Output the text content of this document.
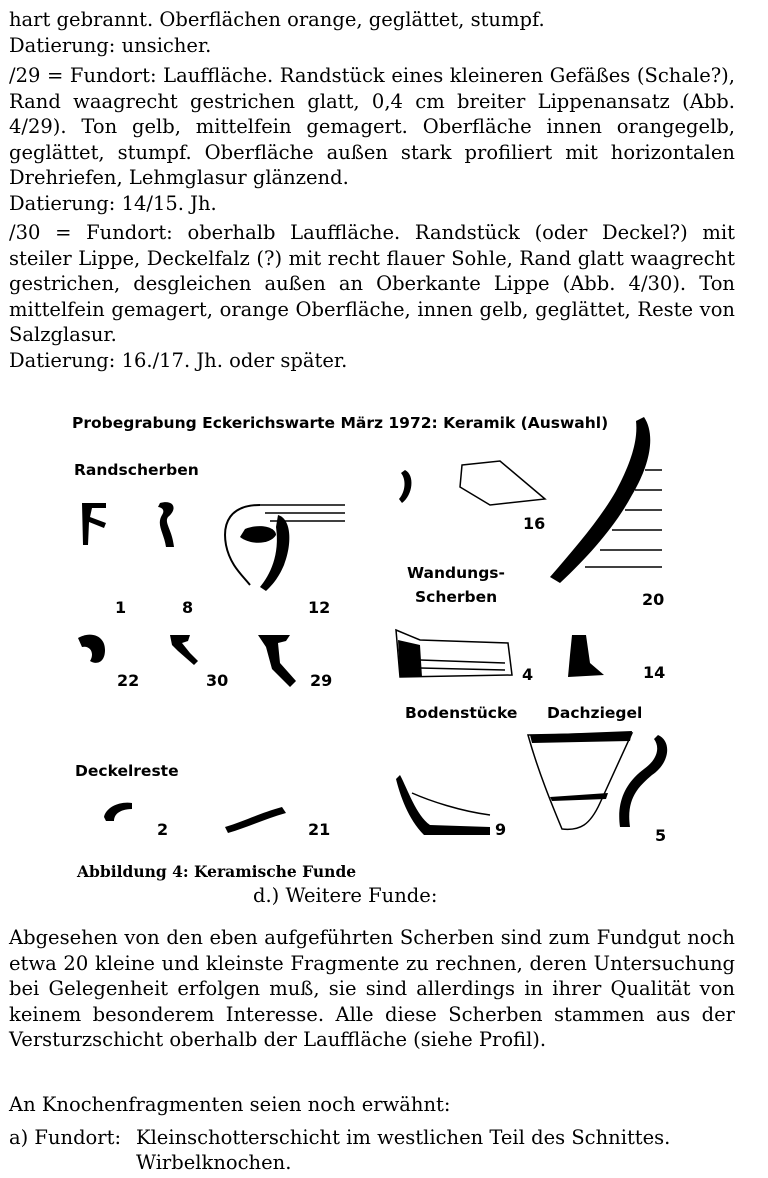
hart gebrannt. Oberflächen orange, geglättet, stumpf.
Datierung: unsicher.

/29 = Fundort: Lauffläche. Randstück eines kleineren Gefäßes (Schale?), Rand waagrecht gestrichen glatt, 0,4 cm breiter Lippenansatz (Abb. 4/29). Ton gelb, mittelfein gemagert. Oberfläche innen orangegelb, geglättet, stumpf. Oberfläche außen stark profiliert mit horizontalen Drehriefen, Lehmglasur glänzend.

Datierung: 14/15. Jh.

/30 = Fundort: oberhalb Lauffläche. Randstück (oder Deckel?) mit steiler Lippe, Deckelfalz (?) mit recht flauer Sohle, Rand glatt waagrecht gestrichen, desgleichen außen an Oberkante Lippe (Abb. 4/30). Ton mittelfein gemagert, orange Oberfläche, innen gelb, geglättet, Reste von Salzglasur.

Datierung: 16./17. Jh. oder später.
Probegrabung Eckerichswarte März 1972: Keramik (Auswahl)
Randscherben
Wandungs-
Scherben
Bodenstücke Dachziegel
Deckelreste
1	8	12
16
20
22	30	29	4	14
2	21	9	5
Abbildung 4: Keramische Funde
d.) Weitere Funde:

Abgesehen von den eben aufgeführten Scherben sind zum Fundgut noch etwa 20 kleine und kleinste Fragmente zu rechnen, deren Untersuchung bei Gelegenheit erfolgen muß, sie sind allerdings in ihrer Qualität von keinem besonderem Interesse. Alle diese Scherben stammen aus der Versturzschicht oberhalb der Lauffläche (siehe Profil).

An Knochenfragmenten seien noch erwähnt:
a) Fundort: Kleinschotterschicht im westlichen Teil des Schnittes.
Wirbelknochen.
